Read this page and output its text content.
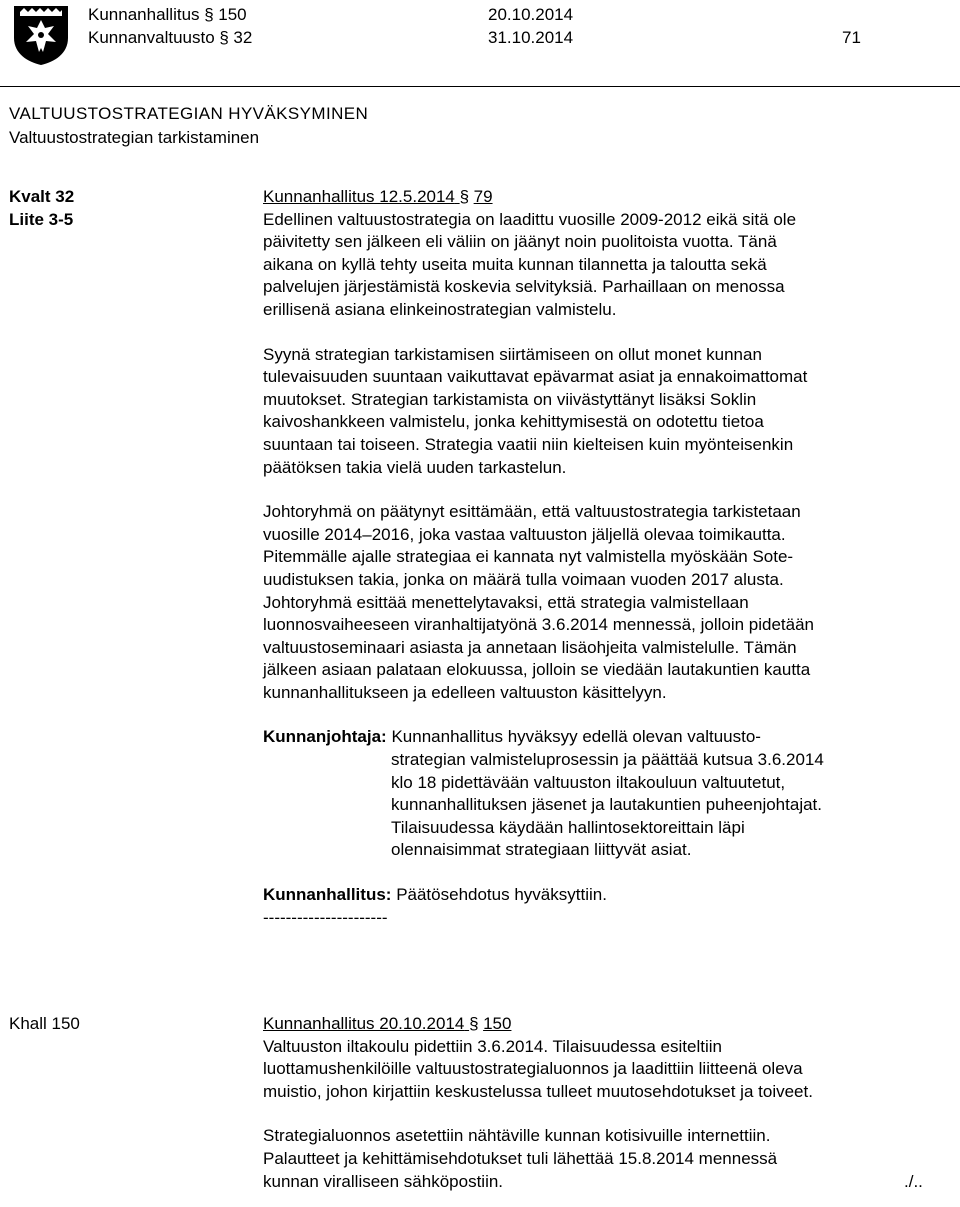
Kunnanhallitus § 150	20.10.2014
Kunnanvaltuusto § 32	31.10.2014	71
VALTUUSTOSTRATEGIAN HYVÄKSYMINEN
Valtuustostrategian tarkistaminen
Kvalt 32
Liite 3-5

Kunnanhallitus 12.5.2014 § 79

Edellinen valtuustostrategia on laadittu vuosille 2009-2012 eikä sitä ole
päivitetty sen jälkeen eli väliin on jäänyt noin puolitoista vuotta. Tänä
aikana on kyllä tehty useita muita kunnan tilannetta ja taloutta sekä
palvelujen järjestämistä koskevia selvityksiä. Parhaillaan on menossa
erillisenä asiana elinkeinostrategian valmistelu.
Syynä strategian tarkistamisen siirtämiseen on ollut monet kunnan
tulevaisuuden suuntaan vaikuttavat epävarmat asiat ja ennakoimattomat
muutokset. Strategian tarkistamista on viivästyttänyt lisäksi Soklin
kaivoshankkeen valmistelu, jonka kehittymisestä on odotettu tietoa
suuntaan tai toiseen. Strategia vaatii niin kielteisen kuin myönteisenkin
päätöksen takia vielä uuden tarkastelun.
Johtoryhmä on päätynyt esittämään, että valtuustostrategia tarkistetaan
vuosille 2014–2016, joka vastaa valtuuston jäljellä olevaa toimikautta.
Pitemmälle ajalle strategiaa ei kannata nyt valmistella myöskään Sote-
uudistuksen takia, jonka on määrä tulla voimaan vuoden 2017 alusta.
Johtoryhmä esittää menettelytavaksi, että strategia valmistellaan
luonnosvaiheeseen viranhaltijatyönä 3.6.2014 mennessä, jolloin pidetään
valtuustoseminaari asiasta ja annetaan lisäohjeita valmistelulle. Tämän
jälkeen asiaan palataan elokuussa, jolloin se viedään lautakuntien kautta
kunnanhallitukseen ja edelleen valtuuston käsittelyyn.
Kunnanjohtaja: Kunnanhallitus hyväksyy edellä olevan valtuusto-
strategian valmisteluprosessin ja päättää kutsua 3.6.2014
klo 18 pidettävään valtuuston iltakouluun valtuutetut,
kunnanhallituksen jäsenet ja lautakuntien puheenjohtajat.
Tilaisuudessa käydään hallintosektoreittain läpi
olennaisimmat strategiaan liittyvät asiat.
Kunnanhallitus: Päätösehdotus hyväksyttiin.
----------------------
Khall 150	Kunnanhallitus 20.10.2014 § 150

Valtuuston iltakoulu pidettiin 3.6.2014. Tilaisuudessa esiteltiin
luottamushenkilöille valtuustostrategialuonnos ja laadittiin liitteenä oleva
muistio, johon kirjattiin keskustelussa tulleet muutosehdotukset ja toiveet.
Strategialuonnos asetettiin nähtäville kunnan kotisivuille internettiin.
Palautteet ja kehittämisehdotukset tuli lähettää 15.8.2014 mennessä
kunnan viralliseen sähköpostiin.	./..
